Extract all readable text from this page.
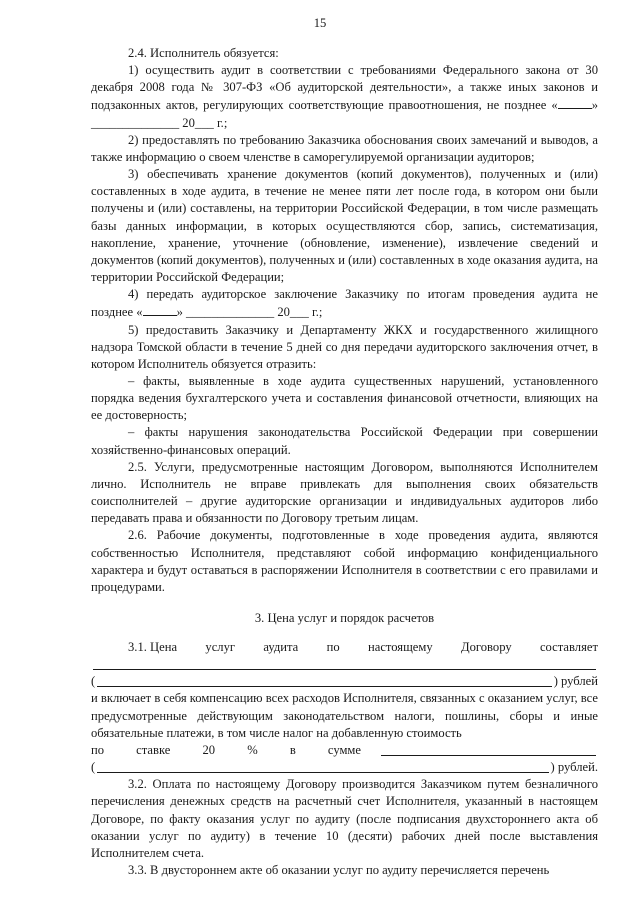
15

2.4. Исполнитель обязуется:

1) осуществить аудит в соответствии с требованиями Федерального закона от 30 декабря 2008 года № 307-ФЗ «Об аудиторской деятельности», а также иных законов и подзаконных актов, регулирующих соответствующие правоотношения, не позднее «	» ______________ 20___ г.;

2) предоставлять по требованию Заказчика обоснования своих замечаний и выводов, а также информацию о своем членстве в саморегулируемой организации аудиторов;

3) обеспечивать хранение документов (копий документов), полученных и (или) составленных в ходе аудита, в течение не менее пяти лет после года, в котором они были получены и (или) составлены, на территории Российской Федерации, в том числе размещать базы данных информации, в которых осуществляются сбор, запись, систематизация, накопление, хранение, уточнение (обновление, изменение), извлечение сведений и документов (копий документов), полученных и (или) составленных в ходе оказания аудита, на территории Российской Федерации;

4) передать аудиторское заключение Заказчику по итогам проведения аудита не позднее «	» ______________ 20___ г.;

5) предоставить Заказчику и Департаменту ЖКХ и государственного жилищного надзора Томской области в течение 5 дней со дня передачи аудиторского заключения отчет, в котором Исполнитель обязуется отразить:

– факты, выявленные в ходе аудита существенных нарушений, установленного порядка ведения бухгалтерского учета и составления финансовой отчетности, влияющих на ее достоверность;

– факты нарушения законодательства Российской Федерации при совершении хозяйственно-финансовых операций.

2.5. Услуги, предусмотренные настоящим Договором, выполняются Исполнителем лично. Исполнитель не вправе привлекать для выполнения своих обязательств соисполнителей – другие аудиторские организации и индивидуальных аудиторов либо передавать права и обязанности по Договору третьим лицам.

2.6. Рабочие документы, подготовленные в ходе проведения аудита, являются собственностью Исполнителя, представляют собой информацию конфиденциального характера и будут оставаться в распоряжении Исполнителя в соответствии с его правилами и процедурами.

3. Цена услуг и порядок расчетов

3.1. Цена услуг аудита по настоящему Договору составляет
(	) рублей

и включает в себя компенсацию всех расходов Исполнителя, связанных с оказанием услуг, все предусмотренные действующим законодательством налоги, пошлины, сборы и иные обязательные платежи, в том числе налог на добавленную стоимость

по	ставке	20	%	в	сумме
(	) рублей.

3.2. Оплата по настоящему Договору производится Заказчиком путем безналичного перечисления денежных средств на расчетный счет Исполнителя, указанный в настоящем Договоре, по факту оказания услуг по аудиту (после подписания двухстороннего акта об оказании услуг по аудиту) в течение 10 (десяти) рабочих дней после выставления Исполнителем счета.

3.3. В двустороннем акте об оказании услуг по аудиту перечисляется перечень
